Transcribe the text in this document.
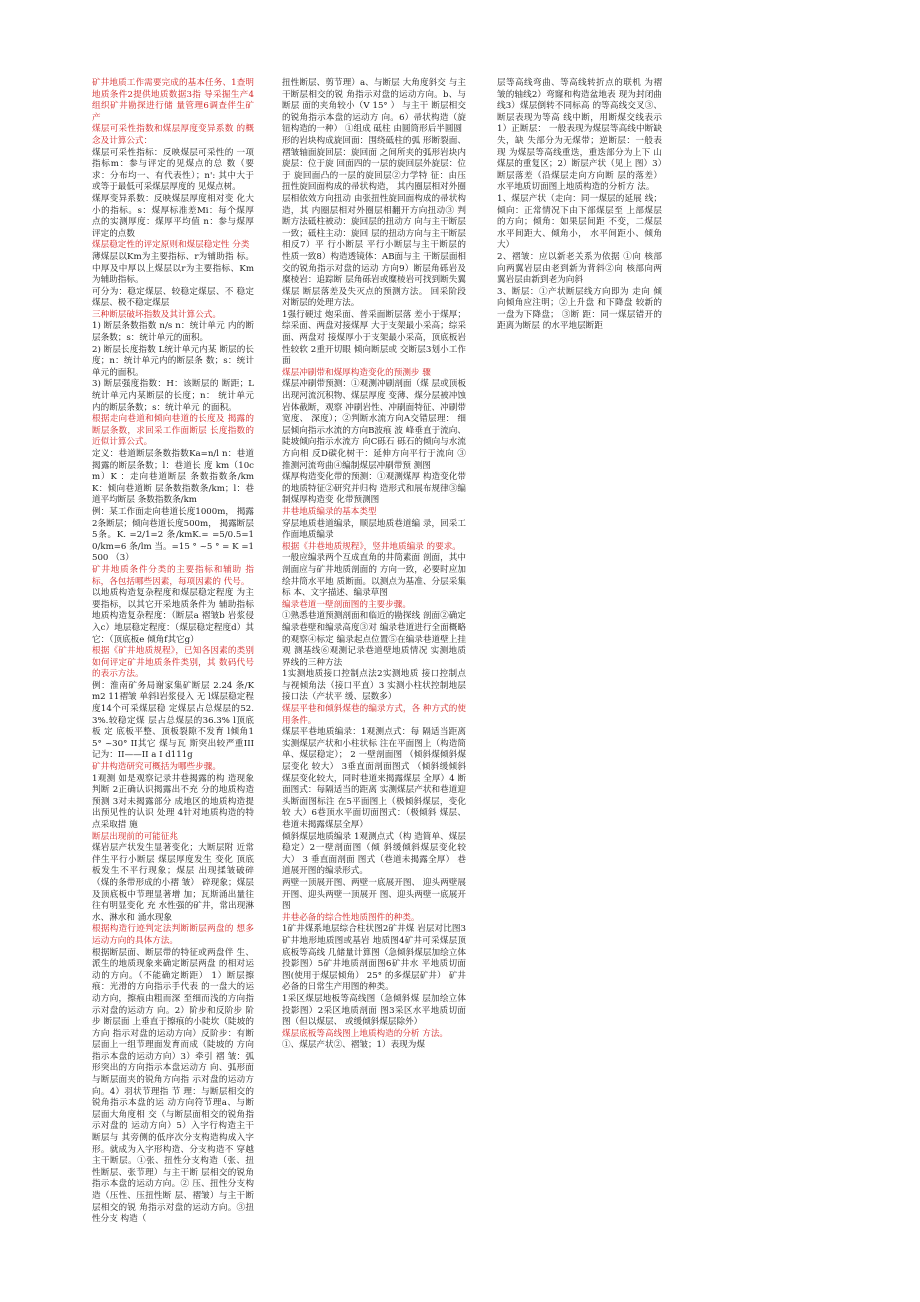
矿井地质工作需要完成的基本任务、1查明地质条件2提供地质数据3指 导采掘生产4组织矿井勘探进行储 量管理6调查伴生矿产

煤层可采性指数和煤层厚度变异系数 的概念及计算公式：

煤层可采性指标：反映煤层可采性的 一项指标m：参与评定的见煤点的总 数（要求：分布均一、有代表性）；n': 其中大于或等于最低可采煤层厚度的 见煤点树。

煤厚变异系数：反映煤层厚度相对变 化大小的指标。s：煤厚标准差Mi：每个煤厚点的实测厚度：煤厚平均值 n：参与煤厚评定的点数

煤层稳定性的评定原则和煤层稳定性 分类

薄煤层以Km为主要指标、r为辅助指 标。中厚及中厚以上煤层以r为主要指标、Km为辅助指标。

可分为：稳定煤层、较稳定煤层、不 稳定煤层、极不稳定煤层

三种断层破坏指数及其计算公式。

1) 断层条数指数 n/s n：统计单元 内的断层条数；s：统计单元的面积。

2) 断层长度指数 L统计单元内某 断层的长度；n：统计单元内的断层条 数；s：统计单元的面积。

3) 断层强度指数：H：该断层的 断距；L统计单元内某断层的长度；n： 统计单元内的断层条数；s：统计单元 的面积。

根据走向巷道和倾向巷道的长度及 揭露的断层条数，求回采工作面断层 长度指数的近似计算公式。

定义：巷道断层条数指数Ka=n/l n：巷道揭露的断层条数；l：巷道长 度 km（10cm）K ：走向巷道断层 条数指数条/kmK：倾向巷道断 层条数指数条/km；l：巷道平均断层 条数指数条/km

例：某工作面走向巷道长度1000m， 揭露2条断层；倾向巷道长度500m， 揭露断层5条。K. =2/1=2 条/kmK.= =5/0.5=10/km=6 条/lm 当。=15 ° ~5 ° = K =1500 （3）

矿井地质条件分类的主要指标和辅助 指标，各包括哪些因素，每项因素的 代号。

以地质构造复杂程度和煤层稳定程度 为主要指标，以其它开采地质条件为 辅助指标地质构造复杂程度：（断层a 褶皱b 岩浆侵入c）地层稳定程度：（煤层稳定程度d）其它：（顶底板e 倾角f其它g）

根据《矿井地质规程》，已知各因素的类别如何评定矿井地质条件类别，其 数码代号的表示方法。

例：淮南矿务局谢家集矿断层 2.24 条/Km2 11褶皱 单斜l岩浆侵入 无 l煤层稳定程度14个可采煤层稳 定煤层占总煤层的52.3%.较稳定煤 层占总煤层的36.3% l顶底板 定 底板平整、顶板裂隙不发育 l倾角15° ~30° II其它 煤与瓦 斯突出较严重III 记为：II——II a I d111g

矿井构造研究可概括为哪些步骤。

1观测 如是观察记录井巷揭露的构 造现象判断 2正确认识揭露出不充 分的地质构造预测 3对未揭露部分 成地区的地质构造提出预见性的认识 处理 4针对地质构造的特点采取措 施

断层出现前的可能征兆

煤岩层产状发生显著变化；大断层附 近常伴生平行小断层 煤层厚度发生 变化 顶底板发生不平行现象；煤层 出现揉皱破碎（煤的条带形成的小褶 皱） 碎现象；煤层及顶底板中节理显著增 加；瓦斯涌出量往往有明显变化 充 水性强的矿井，常出现淋水、淋水和 涌水现象

根据构造行迹判定法判断断层两盘的 想多运动方向的具体方法。

根据断层面、断层带的特征或两盘伴 生、派生的地质现象来确定断层两盘 的相对运动的方向。（不能确定断距） 1）断层擦痕：光滑的方向指示手代表 的一盘大的运动方向，擦痕由粗而深 至细而浅的方向指示对盘的运动方 向。2）阶步和反阶步 阶步 断层面 上垂直于擦痕的小陡坎（陡坡的方向 指示对盘的运动方向）反阶步：有断 层面上一组节理面发育而成（陡坡的 方向指示本盘的运动方向）3）牵引 褶 皱：弧形突出的方向指示本盘运动方 向、弧形面与断层面夹的锐角方向指 示对盘的运动方向。4）羽状节理指 节 理：与断层相交的锐角指示本盘的运 动方向符节理a、与断层面大角度相 交（与断层面相交的锐角指示对盘的 运动方向）5）入字行构造主干断层与 其旁侧的低序次分支构造构成入字 形。就成为入字形构造、分支构造不 穿越主干断层。①张、扭性分支构造（张、扭性断层、张节理）与主干断 层相交的锐角指示本盘的运动方向。② 压、扭性分支构造（压性、压扭性断 层、褶皱）与主干断层相交的锐 角指示对盘的运动方向。③扭性分支 构造（

扭性断层、剪节理）a、与断层 大角度斜交 与主干断层相交的锐 角指示对盘的运动方向。b、与断层 面的夹角较小（V 15° ） 与主干 断层相交的锐角指示本盘的运动方 向。6）帚状构造（旋钮构造的一种） ①组成 砥柱 由圆筒形后半圆圆

形的岩块构成旋回面：围绕砥柱的弧 形断裂面、褶皱轴面旋回层：旋回面 之间所夹的弧形岩块内旋层：位于旋 回面四的一层的旋回层外旋层：位于 旋回面凸的一层的旋回层②力学特 征：由压扭性旋回面构成的帚状构造， 其内圈层相对外圈层相依效方向扭动 由张扭性旋回面构成的帚状构造，其 内圈层相对外圈层相翻开方向扭动③ 判断方法砥柱被动：旋回层的扭动方 向与主干断层一致；砥柱主动：旋回 层的扭动方向与主干断层相反7）平 行小断层 平行小断层与主干断层的 性质一致8）构造透镜体：AB面与主 干断层面相交的锐角指示对盘的运动 方向9）断层角砾岩及糜棱岩：追踪断 层角砾岩或糜棱岩可找到断失翼煤层 断层落差及失灭点的预测方法。 回采阶段对断层的处理方法。

1强行硬过 炮采面、普采面断层落 差小于煤厚；综采面、两盘对接煤厚 大于支架最小采高；综采面、两盘对 接煤厚小于支架最小采高，顶底板岩 性较软 2重开切眼 倾向断层或 交断层3划小工作面

煤层冲刷带和煤厚构造变化的预测步 骤

煤层冲刷带预测：①观测冲刷剖面（煤 层或顶板出现河流沉积物、煤层厚度 变薄、煤分层被冲蚀岩体截断，观察 冲刷岩性、冲刷面特征、冲刷带宽度、 深度）；②判断水流方向A交错层理： 细层倾向指示水流的方向B波痕 波 峰垂直于流向、陡坡倾向指示水流方 向C砾石 砾石的倾向与水流方向相 反D碳化树干：延伸方向平行于流向 ③ 推测河流弯曲④编制煤层冲刷带预 测图

煤厚构造变化带的预测：①观测煤厚 构造变化带的地质特征②研究并归构 造形式和展布规律③编制煤厚构造变 化带预测图

井巷地质编录的基本类型

穿层地质巷道编录，顺层地质巷道编 录，回采工作面地质编录

根据《井巷地质规程》，竖井地质编录 的要求。

一般应编录两个互成直角的井筒素面 剖面，其中剖面应与矿井地质剖面的 方向一致，必要时应加绘井筒水平地 质断面。以测点为基准、分层采集标 本、文字描述、编录草图

编录巷道一壁剖面图的主要步骤。

①熟悉巷道预测剖面和临近的勘探线 剖面②确定编录巷壁和编录高度③对 编录巷道进行全面概略的观察④标定 编录起点位置⑤在编录巷道壁上挂观 测基线⑥观测记录巷道壁地质情况 实测地质界线的三种方法

1实测地质接口控制点法2实测地质 接口控制点与视倾角法（接口平直）3 实测小柱状控制地层接口法（产状平 缓、层数多）

煤层平巷和倾斜煤巷的编录方式，各 种方式的使用条件。

煤层平巷地质编录：1观测点式：每 隔适当距离实测煤层产状和小柱状标 注在平面图上（构造简单、煤层稳定）； 2 一壁剖面图 （倾斜煤倾斜煤层变化 较大） 3垂直面剖面图式 （倾斜缓倾斜 煤层变化较大，同时巷道来揭露煤层 全厚）4 断面图式：每隔适当的距离 实测煤层产状和巷道迎头断面图标注 在5平面图上（极倾斜煤层，变化较 大）6巷顶水平面切面图式：（极倾斜 煤层、巷道未揭露煤层全厚）

倾斜煤层地质编录 1观测点式（构 造简单、煤层稳定）2一壁剖面图（倾 斜缓倾斜煤层变化较大） 3 垂直面剖面 图式（巷道未揭露全厚） 巷道展开图的编录形式。

两壁一顶展开图、两壁一底展开图、 迎头两壁展开图、迎头两壁一顶展开 图、迎头两壁一底展开图

井巷必备的综合性地质图件的种类。

1矿井煤系地层综合柱状图2矿井煤 岩层对比图3矿井地形地质图或基岩 地质图4矿井可采煤层顶底板等高线 几储量计算图（急倾斜煤层加绘立体 投影图）5矿井地质剖面图6矿井水 平地质切面图(使用于煤层倾角） 25° 的多煤层矿井） 矿井必备的日常生产用图的种类。

1采区煤层地板等高线图（急倾斜煤 层加绘立体投影图）2采区地质剖面 图3采区水平地质切面图（但以煤层、 或缓倾斜煤层除外）

煤层底板等高线图上地质构造的分析 方法。

①、煤层产状②、褶皱；1）表现为煤

层等高线弯曲、等高线转折点的联机 为褶皱的轴线2）弯窿和构造盆地表 现为封闭曲线3）煤层倒转不同标高 的等高线交叉③、断层表现为等高 线中断，用断煤交线表示1）正断层： 一般表现为煤层等高线中断缺失，缺 失部分为无煤带；逆断层：一般表现 为煤层等高线重迭，重迭部分为上下 山煤层的重复区；2）断层产状（见上 图）3）断层落差（沿煤层走向方向断 层的落差） 水平地质切面图上地质构造的分析方 法。

1、煤层产状（走向：同一煤层的延展 线；倾向：正常情况下由下部煤层至 上部煤层的方向；倾角：如果层间距 不变，二煤层水平间距大、倾角小， 水平间距小、倾角大）

2、褶皱：应以新老关系为依据 ①向 核部向两翼岩层由老到新为背斜②向 核部向两翼岩层由新到老为向斜

3、断层：①产状断层线方向即为 走向 倾向倾角应注明；②上升盘 和下降盘 较新的一盘为下降盘； ③断 距：同一煤层错开的距离为断层 的水平地层断距
